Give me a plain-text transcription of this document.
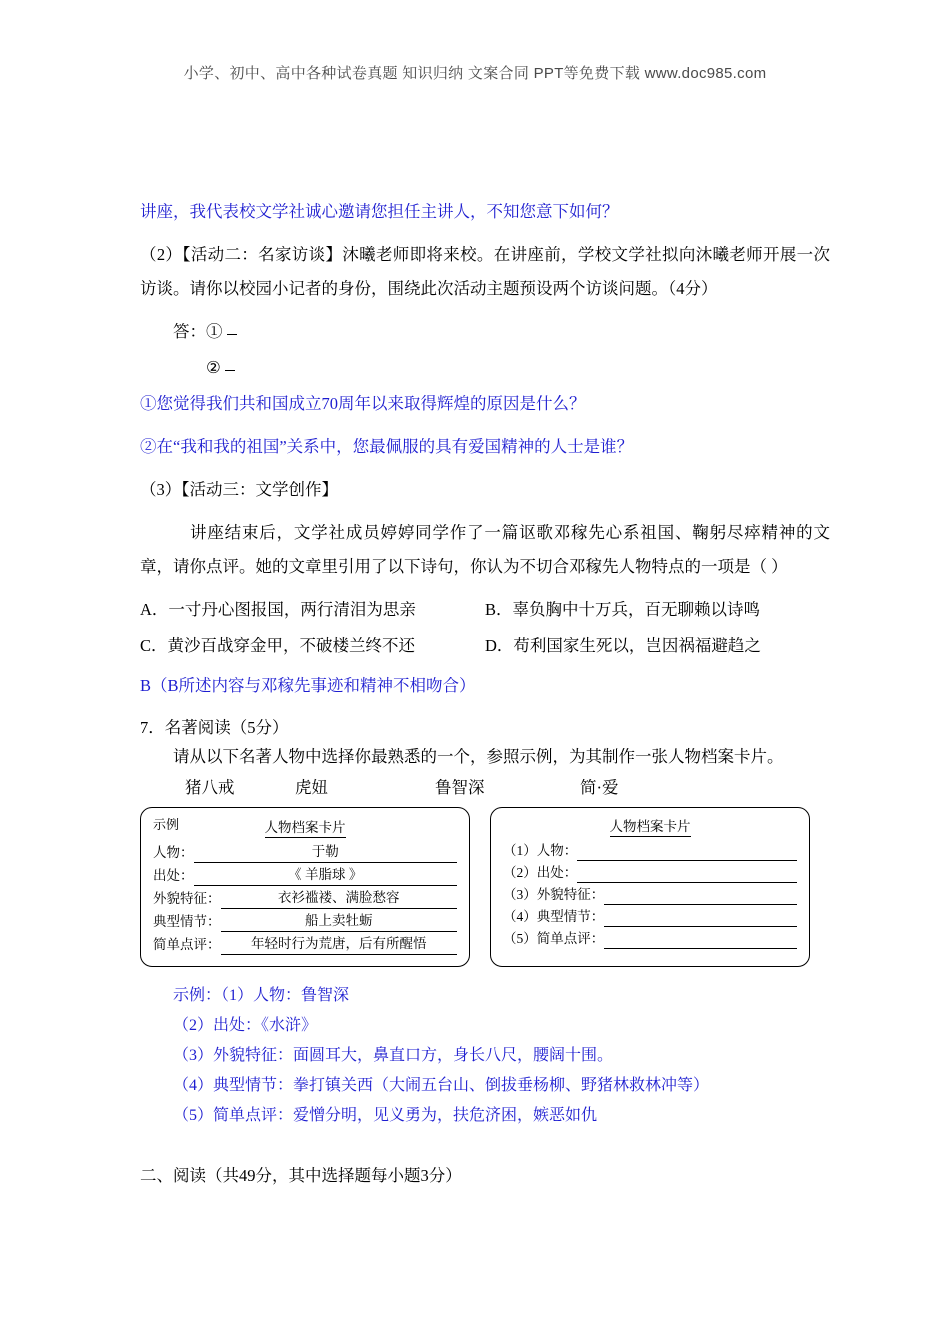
小学、初中、高中各种试卷真题 知识归纳 文案合同 PPT等免费下载 www.doc985.com

讲座，我代表校文学社诚心邀请您担任主讲人，不知您意下如何？

（2）【活动二：名家访谈】沐曦老师即将来校。在讲座前，学校文学社拟向沐曦老师开展一次访谈。请你以校园小记者的身份，围绕此次活动主题预设两个访谈问题。（4分）

答：①

②

①您觉得我们共和国成立70周年以来取得辉煌的原因是什么？

②在“我和我的祖国”关系中，您最佩服的具有爱国精神的人士是谁？

（3）【活动三：文学创作】

讲座结束后，文学社成员婷婷同学作了一篇讴歌邓稼先心系祖国、鞠躬尽瘁精神的文章，请你点评。她的文章里引用了以下诗句，你认为不切合邓稼先人物特点的一项是（ ）

A．一寸丹心图报国，两行清泪为思亲	B．辜负胸中十万兵，百无聊赖以诗鸣
C．黄沙百战穿金甲，不破楼兰终不还	D．苟利国家生死以，岂因祸福避趋之

B（B所述内容与邓稼先事迹和精神不相吻合）

7．名著阅读（5分）

请从以下名著人物中选择你最熟悉的一个，参照示例，为其制作一张人物档案卡片。

猪八戒	虎妞	鲁智深	简·爱
示例	人物档案卡片
人物：	于勒
出处：	《 羊脂球 》
外貌特征：	衣衫褴褛、满脸愁容
典型情节：	船上卖牡蛎
简单点评：	年轻时行为荒唐，后有所醒悟
人物档案卡片
（1）人物：
（2）出处：
（3）外貌特征：
（4）典型情节：
（5）简单点评：

示例：（1）人物：鲁智深

（2）出处：《水浒》

（3）外貌特征：面圆耳大，鼻直口方，身长八尺，腰阔十围。

（4）典型情节：拳打镇关西（大闹五台山、倒拔垂杨柳、野猪林救林冲等）

（5）简单点评：爱憎分明，见义勇为，扶危济困，嫉恶如仇

二、阅读（共49分，其中选择题每小题3分）
